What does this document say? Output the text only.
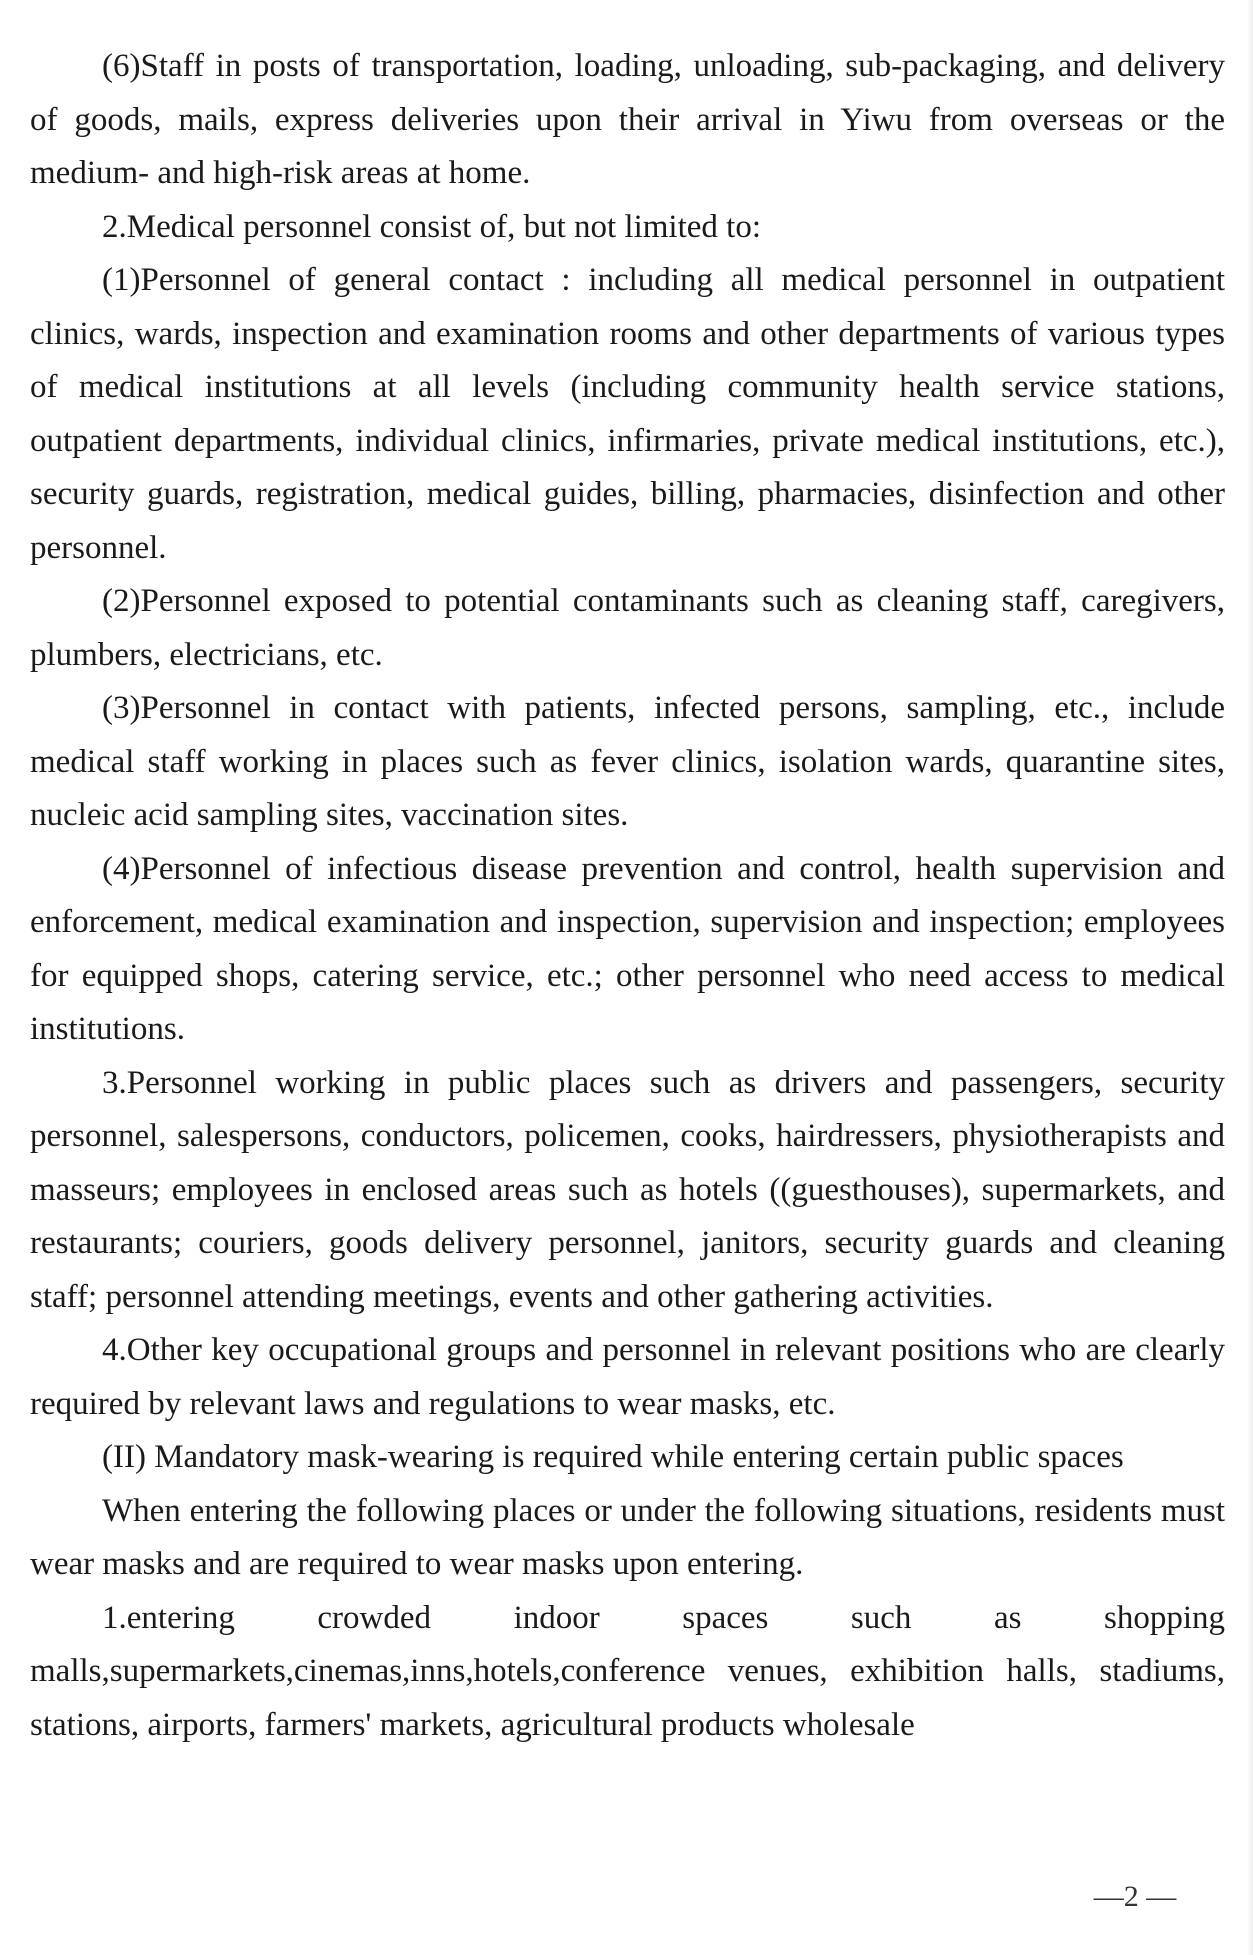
(6)Staff in posts of transportation, loading, unloading, sub-packaging, and delivery of goods, mails, express deliveries upon their arrival in Yiwu from overseas or the medium- and high-risk areas at home.

2.Medical personnel consist of, but not limited to:

(1)Personnel of general contact : including all medical personnel in outpatient clinics, wards, inspection and examination rooms and other departments of various types of medical institutions at all levels (including community health service stations, outpatient departments, individual clinics, infirmaries, private medical institutions, etc.), security guards, registration, medical guides, billing, pharmacies, disinfection and other personnel.

(2)Personnel exposed to potential contaminants such as cleaning staff, caregivers, plumbers, electricians, etc.

(3)Personnel in contact with patients, infected persons, sampling, etc., include medical staff working in places such as fever clinics, isolation wards, quarantine sites, nucleic acid sampling sites, vaccination sites.

(4)Personnel of infectious disease prevention and control, health supervision and enforcement, medical examination and inspection, supervision and inspection; employees for equipped shops, catering service, etc.; other personnel who need access to medical institutions.

3.Personnel working in public places such as drivers and passengers, security personnel, salespersons, conductors, policemen, cooks, hairdressers, physiotherapists and masseurs; employees in enclosed areas such as hotels ((guesthouses), supermarkets, and restaurants; couriers, goods delivery personnel, janitors, security guards and cleaning staff; personnel attending meetings, events and other gathering activities.

4.Other key occupational groups and personnel in relevant positions who are clearly required by relevant laws and regulations to wear masks, etc.

(II) Mandatory mask-wearing is required while entering certain public spaces

When entering the following places or under the following situations, residents must wear masks and are required to wear masks upon entering.

1.entering crowded indoor spaces such as shopping malls,supermarkets,cinemas,inns,hotels,conference venues, exhibition halls, stadiums, stations, airports, farmers' markets, agricultural products wholesale

—2 —
